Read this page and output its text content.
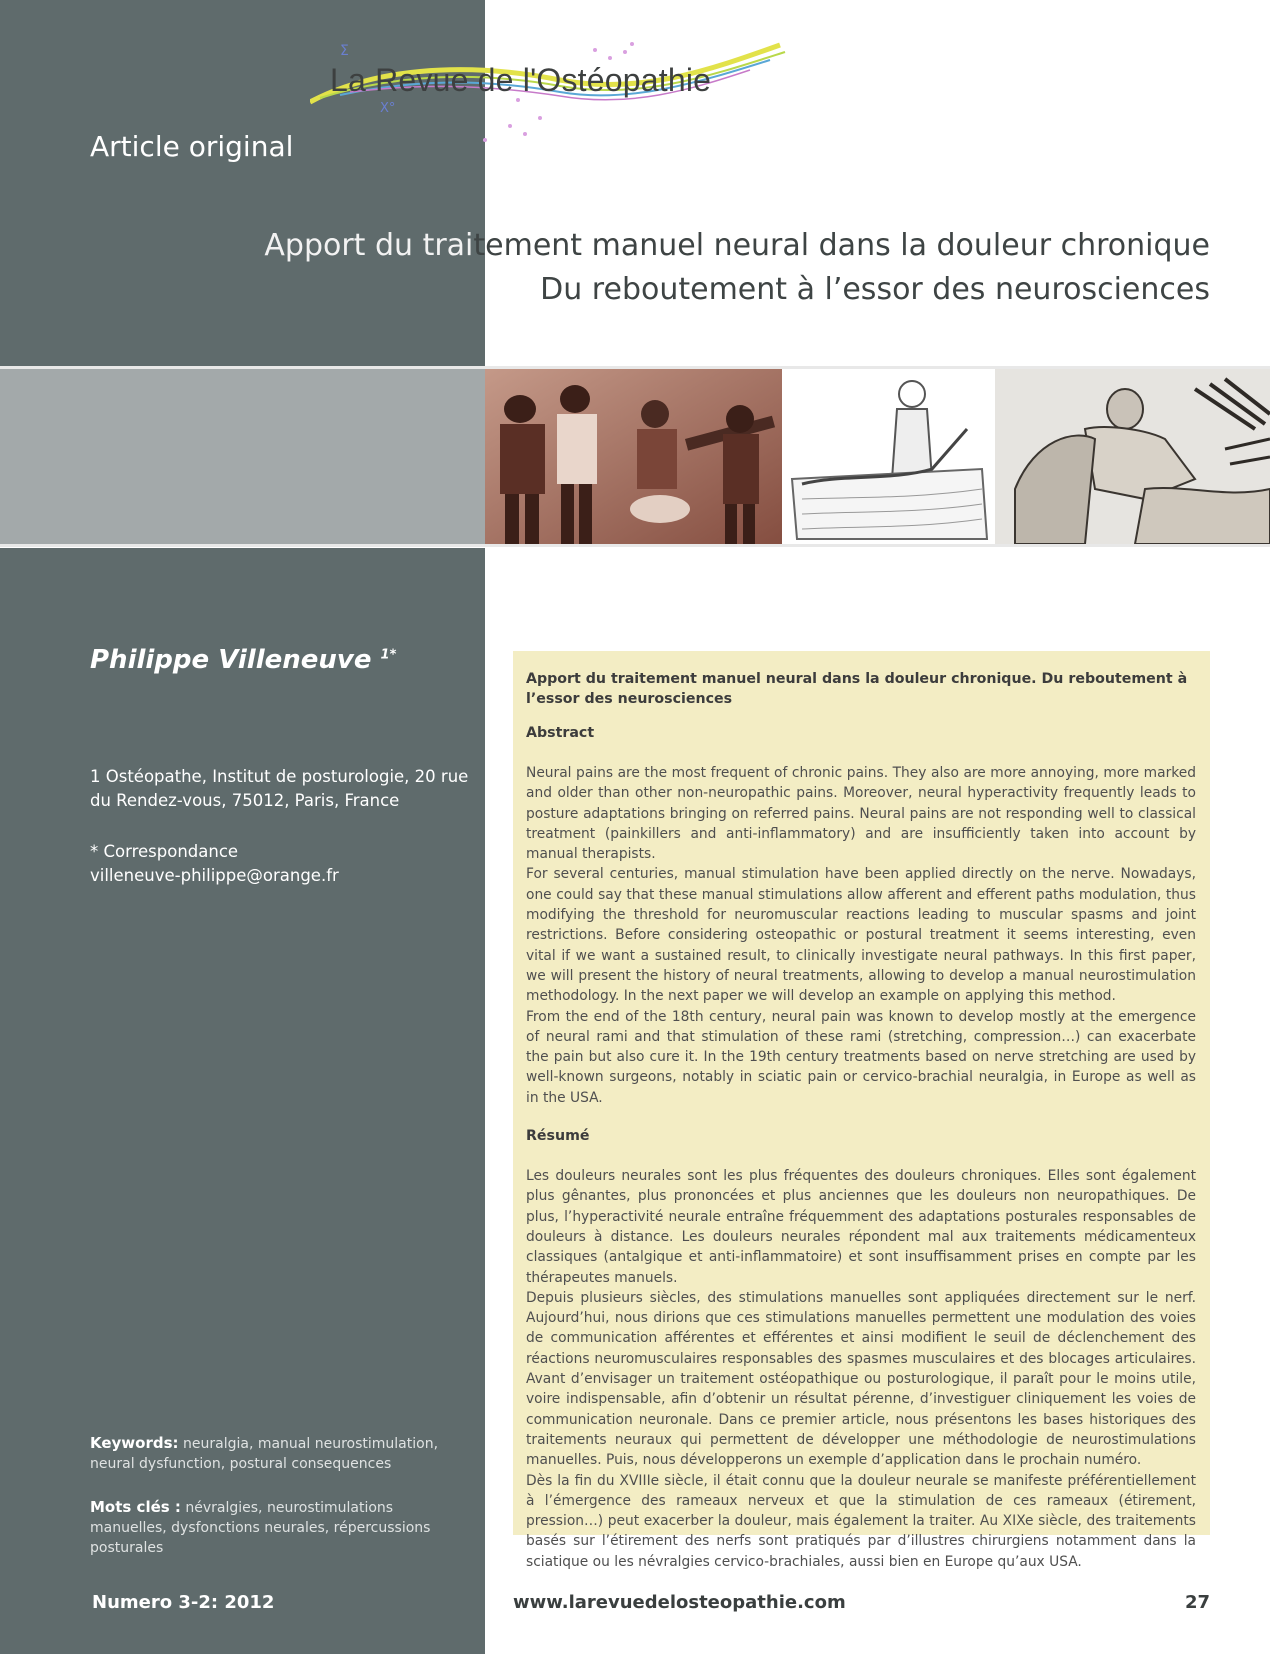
Σ
X°
La Revue de l'Ostéopathie
Article original
Apport du traitement manuel neural dans la douleur chronique
Du reboutement à l’essor des neurosciences
Philippe Villeneuve $^{1*}$
1 Ostéopathe, Institut de posturologie, 20 rue du Rendez-vous, 75012, Paris, France
* Correspondance
villeneuve-philippe@orange.fr
Keywords: neuralgia, manual neurostimulation, neural dysfunction, postural consequences
Mots clés : névralgies, neurostimulations manuelles, dysfonctions neurales, répercussions posturales
Apport du traitement manuel neural dans la douleur chronique. Du reboutement à l’essor des neurosciences
Abstract

Neural pains are the most frequent of chronic pains. They also are more annoying, more marked and older than other non-neuropathic pains. Moreover, neural hyperactivity frequently leads to posture adaptations bringing on referred pains. Neural pains are not responding well to classical treatment (painkillers and anti-inflammatory) and are insufficiently taken into account by manual therapists.

For several centuries, manual stimulation have been applied directly on the nerve. Nowadays, one could say that these manual stimulations allow afferent and efferent paths modulation, thus modifying the threshold for neuromuscular reactions leading to muscular spasms and joint restrictions. Before considering osteopathic or postural treatment it seems interesting, even vital if we want a sustained result, to clinically investigate neural pathways. In this first paper, we will present the history of neural treatments, allowing to develop a manual neurostimulation methodology. In the next paper we will develop an example on applying this method.

From the end of the 18th century, neural pain was known to develop mostly at the emergence of neural rami and that stimulation of these rami (stretching, compression…) can exacerbate the pain but also cure it. In the 19th century treatments based on nerve stretching are used by well-known surgeons, notably in sciatic pain or cervico-brachial neuralgia, in Europe as well as in the USA.

Résumé

Les douleurs neurales sont les plus fréquentes des douleurs chroniques. Elles sont également plus gênantes, plus prononcées et plus anciennes que les douleurs non neuropathiques. De plus, l’hyperactivité neurale entraîne fréquemment des adaptations posturales responsables de douleurs à distance. Les douleurs neurales répondent mal aux traitements médicamenteux classiques (antalgique et anti-inflammatoire) et sont insuffisamment prises en compte par les thérapeutes manuels.

Depuis plusieurs siècles, des stimulations manuelles sont appliquées directement sur le nerf. Aujourd’hui, nous dirions que ces stimulations manuelles permettent une modulation des voies de communication afférentes et efférentes et ainsi modifient le seuil de déclenchement des réactions neuromusculaires responsables des spasmes musculaires et des blocages articulaires. Avant d’envisager un traitement ostéopathique ou posturologique, il paraît pour le moins utile, voire indispensable, afin d’obtenir un résultat pérenne, d’investiguer cliniquement les voies de communication neuronale. Dans ce premier article, nous présentons les bases historiques des traitements neuraux qui permettent de développer une méthodologie de neurostimulations manuelles. Puis, nous développerons un exemple d’application dans le prochain numéro.

Dès la fin du XVIIIe siècle, il était connu que la douleur neurale se manifeste préférentiellement à l’émergence des rameaux nerveux et que la stimulation de ces rameaux (étirement, pression…) peut exacerber la douleur, mais également la traiter. Au XIXe siècle, des traitements basés sur l’étirement des nerfs sont pratiqués par d’illustres chirurgiens notamment dans la sciatique ou les névralgies cervico-brachiales, aussi bien en Europe qu’aux USA.

Numero 3-2: 2012	www.larevuedelosteopathie.com	27
